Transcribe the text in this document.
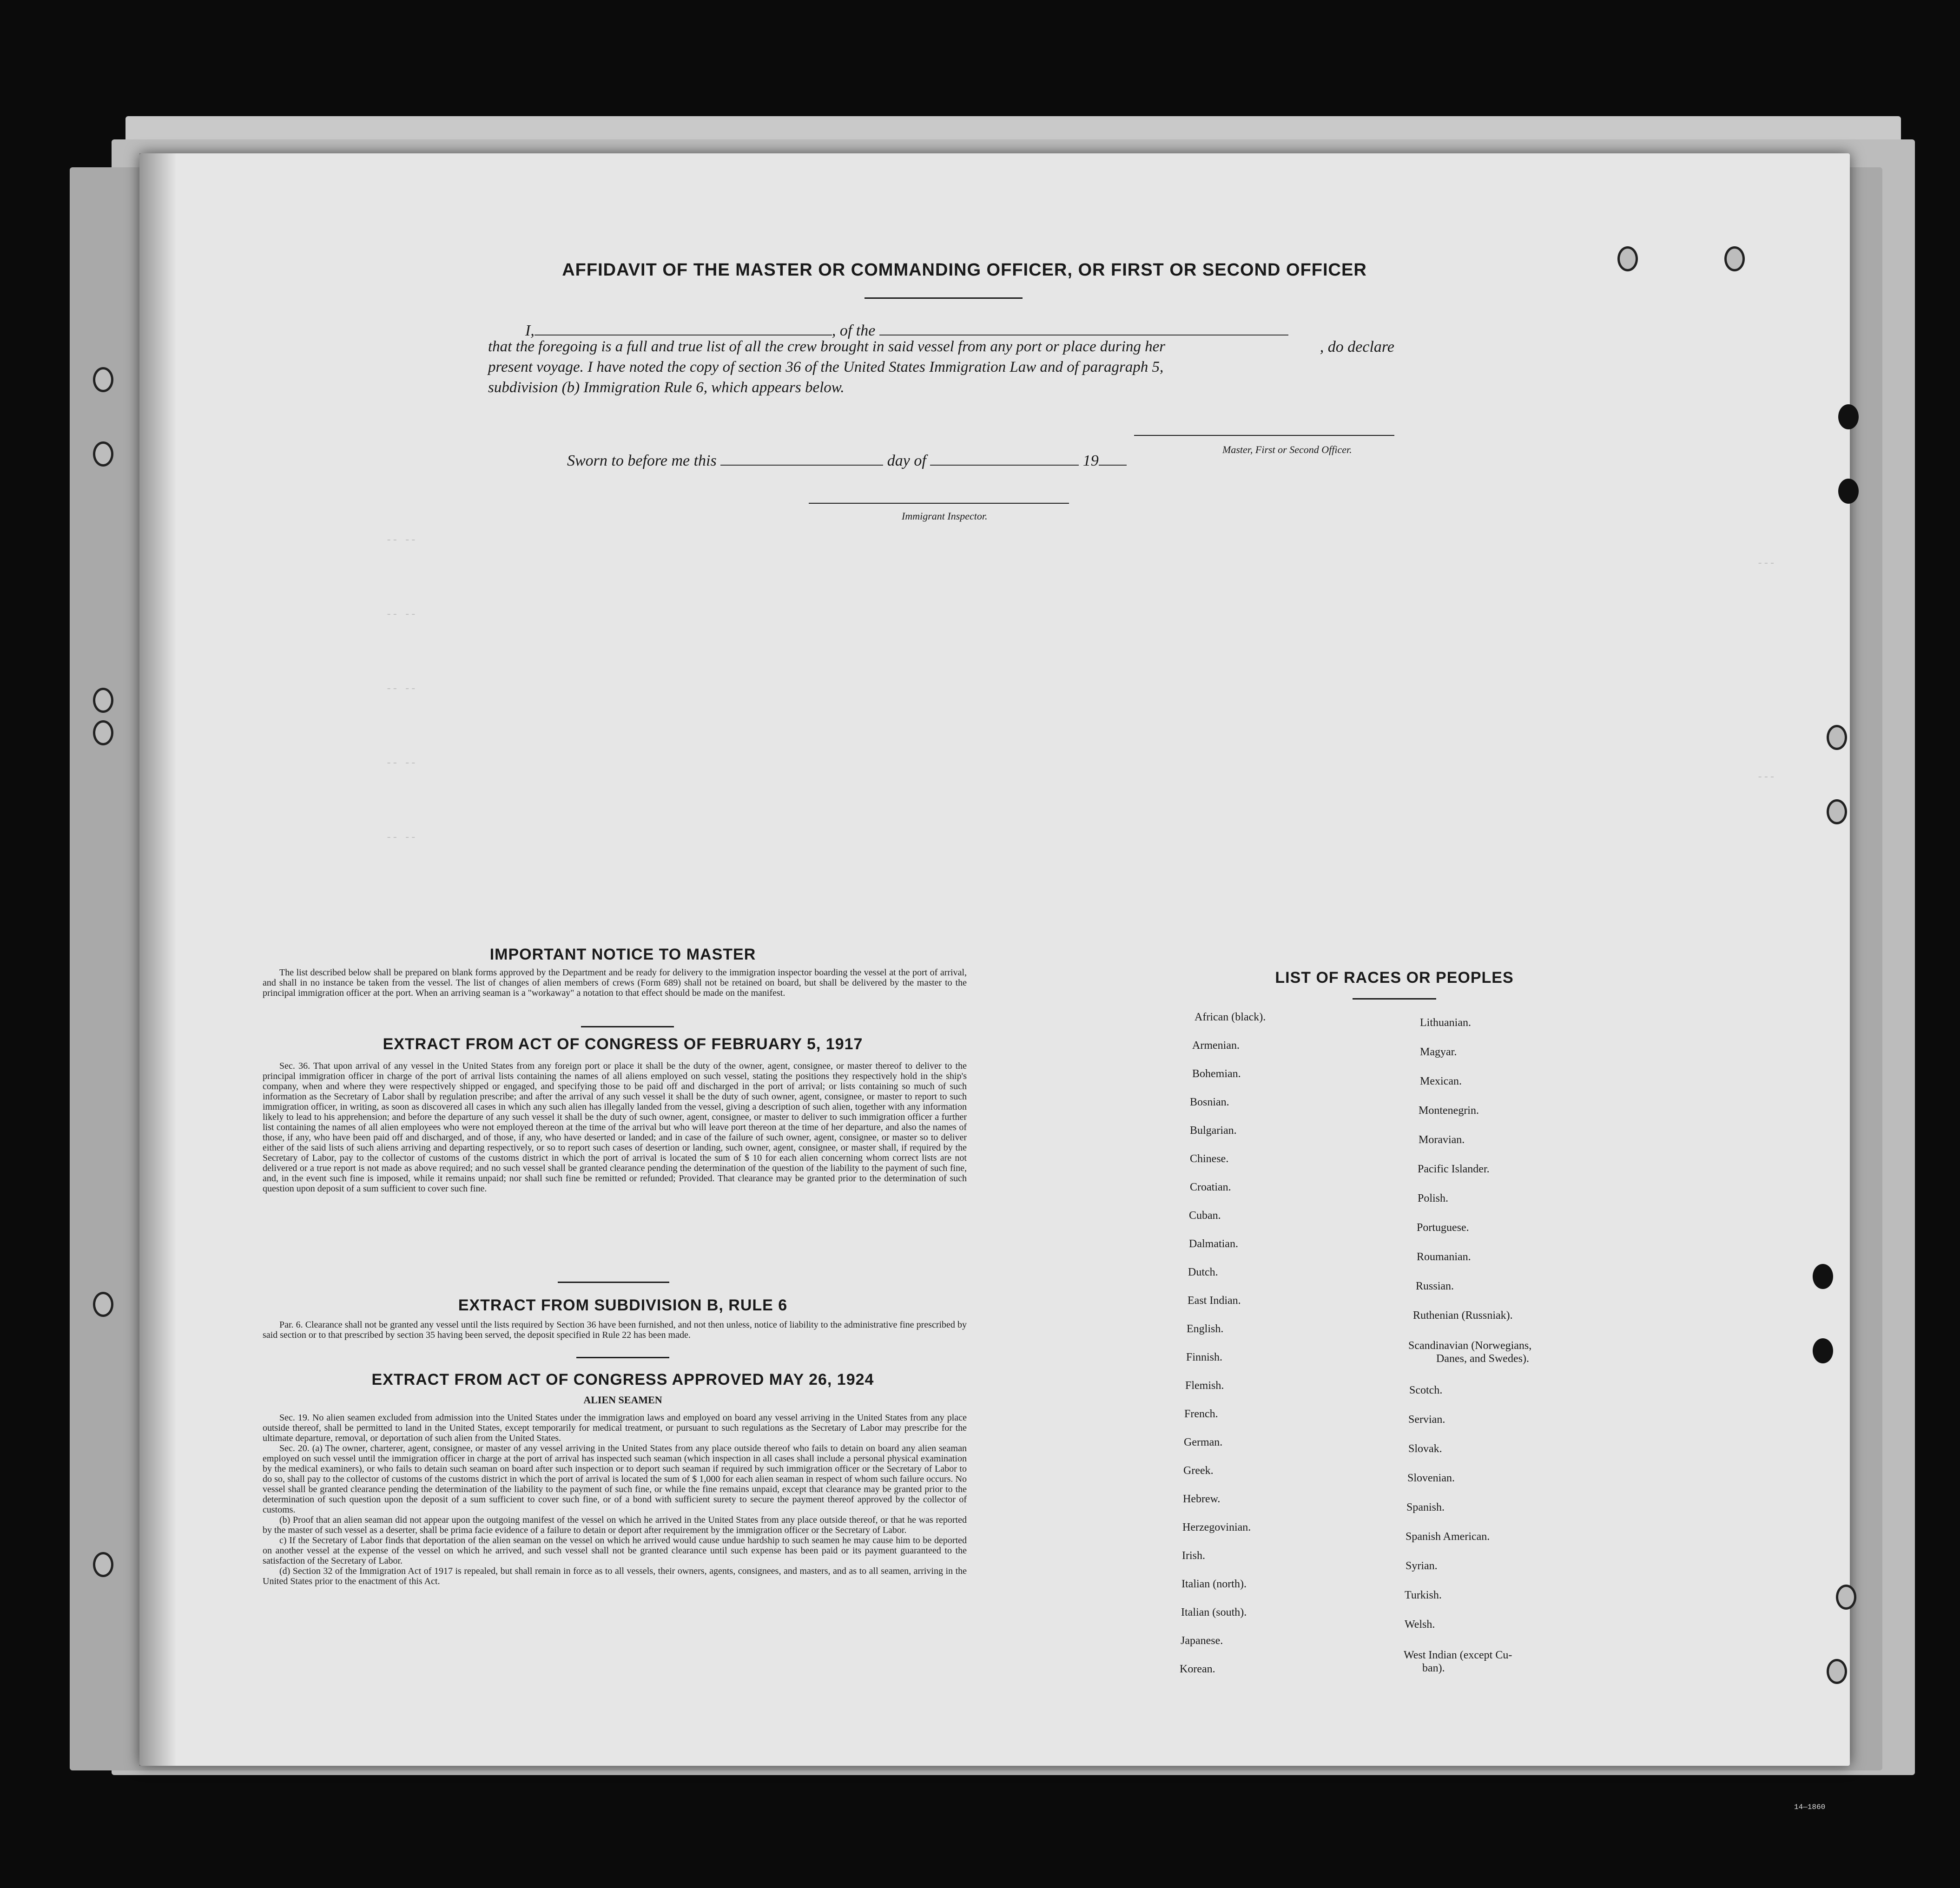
-- --
-- --
-- --
-- --
-- --
---
---
AFFIDAVIT OF THE MASTER OR COMMANDING OFFICER, OR FIRST OR SECOND OFFICER
I,	, of the
, do declare
that the foregoing is a full and true list of all the crew brought in said vessel from any port or place during her
present voyage. I have noted the copy of section 36 of the United States Immigration Law and of paragraph 5,
subdivision (b) Immigration Rule 6, which appears below.
Master, First or Second Officer.
Sworn to before me this	day of	19
Immigrant Inspector.
IMPORTANT NOTICE TO MASTER

The list described below shall be prepared on blank forms approved by the Department and be ready for delivery to the immigration inspector boarding the vessel at the port of arrival, and shall in no instance be taken from the vessel. The list of changes of alien members of crews (Form 689) shall not be retained on board, but shall be delivered by the master to the principal immigration officer at the port. When an arriving seaman is a "workaway" a notation to that effect should be made on the manifest.

EXTRACT FROM ACT OF CONGRESS OF FEBRUARY 5, 1917

Sec. 36. That upon arrival of any vessel in the United States from any foreign port or place it shall be the duty of the owner, agent, consignee, or master thereof to deliver to the principal immigration officer in charge of the port of arrival lists containing the names of all aliens employed on such vessel, stating the positions they respectively hold in the ship's company, when and where they were respectively shipped or engaged, and specifying those to be paid off and discharged in the port of arrival; or lists containing so much of such information as the Secretary of Labor shall by regulation prescribe; and after the arrival of any such vessel it shall be the duty of such owner, agent, consignee, or master to report to such immigration officer, in writing, as soon as discovered all cases in which any such alien has illegally landed from the vessel, giving a description of such alien, together with any information likely to lead to his apprehension; and before the departure of any such vessel it shall be the duty of such owner, agent, consignee, or master to deliver to such immigration officer a further list containing the names of all alien employees who were not employed thereon at the time of the arrival but who will leave port thereon at the time of her departure, and also the names of those, if any, who have been paid off and discharged, and of those, if any, who have deserted or landed; and in case of the failure of such owner, agent, consignee, or master so to deliver either of the said lists of such aliens arriving and departing respectively, or so to report such cases of desertion or landing, such owner, agent, consignee, or master shall, if required by the Secretary of Labor, pay to the collector of customs of the customs district in which the port of arrival is located the sum of $ 10 for each alien concerning whom correct lists are not delivered or a true report is not made as above required; and no such vessel shall be granted clearance pending the determination of the question of the liability to the payment of such fine, and, in the event such fine is imposed, while it remains unpaid; nor shall such fine be remitted or refunded; Provided. That clearance may be granted prior to the determination of such question upon deposit of a sum sufficient to cover such fine.

EXTRACT FROM SUBDIVISION B, RULE 6

Par. 6. Clearance shall not be granted any vessel until the lists required by Section 36 have been furnished, and not then unless, notice of liability to the administrative fine prescribed by said section or to that prescribed by section 35 having been served, the deposit specified in Rule 22 has been made.

EXTRACT FROM ACT OF CONGRESS APPROVED MAY 26, 1924
ALIEN SEAMEN

Sec. 19. No alien seamen excluded from admission into the United States under the immigration laws and employed on board any vessel arriving in the United States from any place outside thereof, shall be permitted to land in the United States, except temporarily for medical treatment, or pursuant to such regulations as the Secretary of Labor may prescribe for the ultimate departure, removal, or deportation of such alien from the United States.

Sec. 20. (a) The owner, charterer, agent, consignee, or master of any vessel arriving in the United States from any place outside thereof who fails to detain on board any alien seaman employed on such vessel until the immigration officer in charge at the port of arrival has inspected such seaman (which inspection in all cases shall include a personal physical examination by the medical examiners), or who fails to detain such seaman on board after such inspection or to deport such seaman if required by such immigration officer or the Secretary of Labor to do so, shall pay to the collector of customs of the customs district in which the port of arrival is located the sum of $ 1,000 for each alien seaman in respect of whom such failure occurs. No vessel shall be granted clearance pending the determination of the liability to the payment of such fine, or while the fine remains unpaid, except that clearance may be granted prior to the determination of such question upon the deposit of a sum sufficient to cover such fine, or of a bond with sufficient surety to secure the payment thereof approved by the collector of customs.

(b) Proof that an alien seaman did not appear upon the outgoing manifest of the vessel on which he arrived in the United States from any place outside thereof, or that he was reported by the master of such vessel as a deserter, shall be prima facie evidence of a failure to detain or deport after requirement by the immigration officer or the Secretary of Labor.

c) If the Secretary of Labor finds that deportation of the alien seaman on the vessel on which he arrived would cause undue hardship to such seamen he may cause him to be deported on another vessel at the expense of the vessel on which he arrived, and such vessel shall not be granted clearance until such expense has been paid or its payment guaranteed to the satisfaction of the Secretary of Labor.

(d) Section 32 of the Immigration Act of 1917 is repealed, but shall remain in force as to all vessels, their owners, agents, consignees, and masters, and as to all seamen, arriving in the United States prior to the enactment of this Act.

LIST OF RACES OR PEOPLES
African (black).
Armenian.
Bohemian.
Bosnian.
Bulgarian.
Chinese.
Croatian.
Cuban.
Dalmatian.
Dutch.
East Indian.
English.
Finnish.
Flemish.
French.
German.
Greek.
Hebrew.
Herzegovinian.
Irish.
Italian (north).
Italian (south).
Japanese.
Korean.
Lithuanian.
Magyar.
Mexican.
Montenegrin.
Moravian.
Pacific Islander.
Polish.
Portuguese.
Roumanian.
Russian.
Ruthenian (Russniak).
Scandinavian (Norwegians,
Danes, and Swedes).
Scotch.
Servian.
Slovak.
Slovenian.
Spanish.
Spanish American.
Syrian.
Turkish.
Welsh.
West Indian (except Cu-
ban).
14—1860
